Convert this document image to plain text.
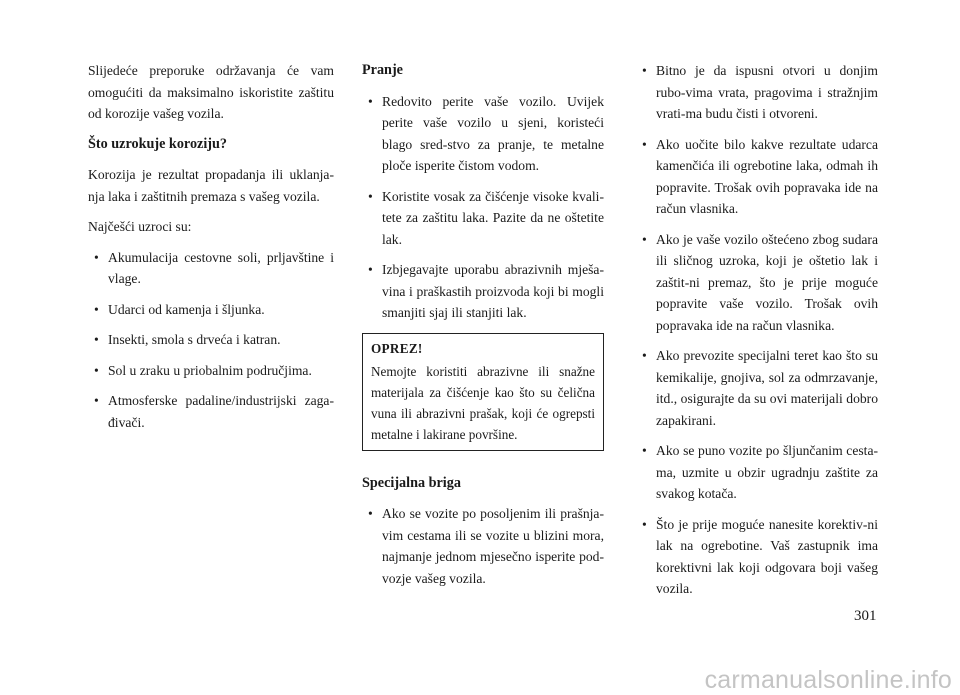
Slijedeće preporuke održavanja će vam omogućiti da maksimalno iskoristite zaštitu od korozije vašeg vozila.

Što uzrokuje koroziju?

Korozija je rezultat propadanja ili uklanja-nja laka i zaštitnih premaza s vašeg vozila.

Najčešći uzroci su:

• Akumulacija cestovne soli, prljavštine i vlage.
• Udarci od kamenja i šljunka.
• Insekti, smola s drveća i katran.
• Sol u zraku u priobalnim područjima.
• Atmosferske padaline/industrijski zaga-đivači.
Pranje
• Redovito perite vaše vozilo. Uvijek perite vaše vozilo u sjeni, koristeći blago sred-stvo za pranje, te metalne ploče isperite čistom vodom.
• Koristite vosak za čišćenje visoke kvali-tete za zaštitu laka. Pazite da ne oštetite lak.
• Izbjegavajte uporabu abrazivnih mješa-vina i praškastih proizvoda koji bi mogli smanjiti sjaj ili stanjiti lak.
OPREZ!
Nemojte koristiti abrazivne ili snažne materijala za čišćenje kao što su čelična vuna ili abrazivni prašak, koji će ogrepsti metalne i lakirane površine.
Specijalna briga
• Ako se vozite po posoljenim ili prašnja-vim cestama ili se vozite u blizini mora, najmanje jednom mjesečno isperite pod-vozje vašeg vozila.
• Bitno je da ispusni otvori u donjim rubo-vima vrata, pragovima i stražnjim vrati-ma budu čisti i otvoreni.
• Ako uočite bilo kakve rezultate udarca kamenčića ili ogrebotine laka, odmah ih popravite. Trošak ovih popravaka ide na račun vlasnika.
• Ako je vaše vozilo oštećeno zbog sudara ili sličnog uzroka, koji je oštetio lak i zaštit-ni premaz, što je prije moguće popravite vaše vozilo. Trošak ovih popravaka ide na račun vlasnika.
• Ako prevozite specijalni teret kao što su kemikalije, gnojiva, sol za odmrzavanje, itd., osigurajte da su ovi materijali dobro zapakirani.
• Ako se puno vozite po šljunčanim cesta-ma, uzmite u obzir ugradnju zaštite za svakog kotača.
• Što je prije moguće nanesite korektiv-ni lak na ogrebotine. Vaš zastupnik ima korektivni lak koji odgovara boji vašeg vozila.
301
carmanualsonline.info
